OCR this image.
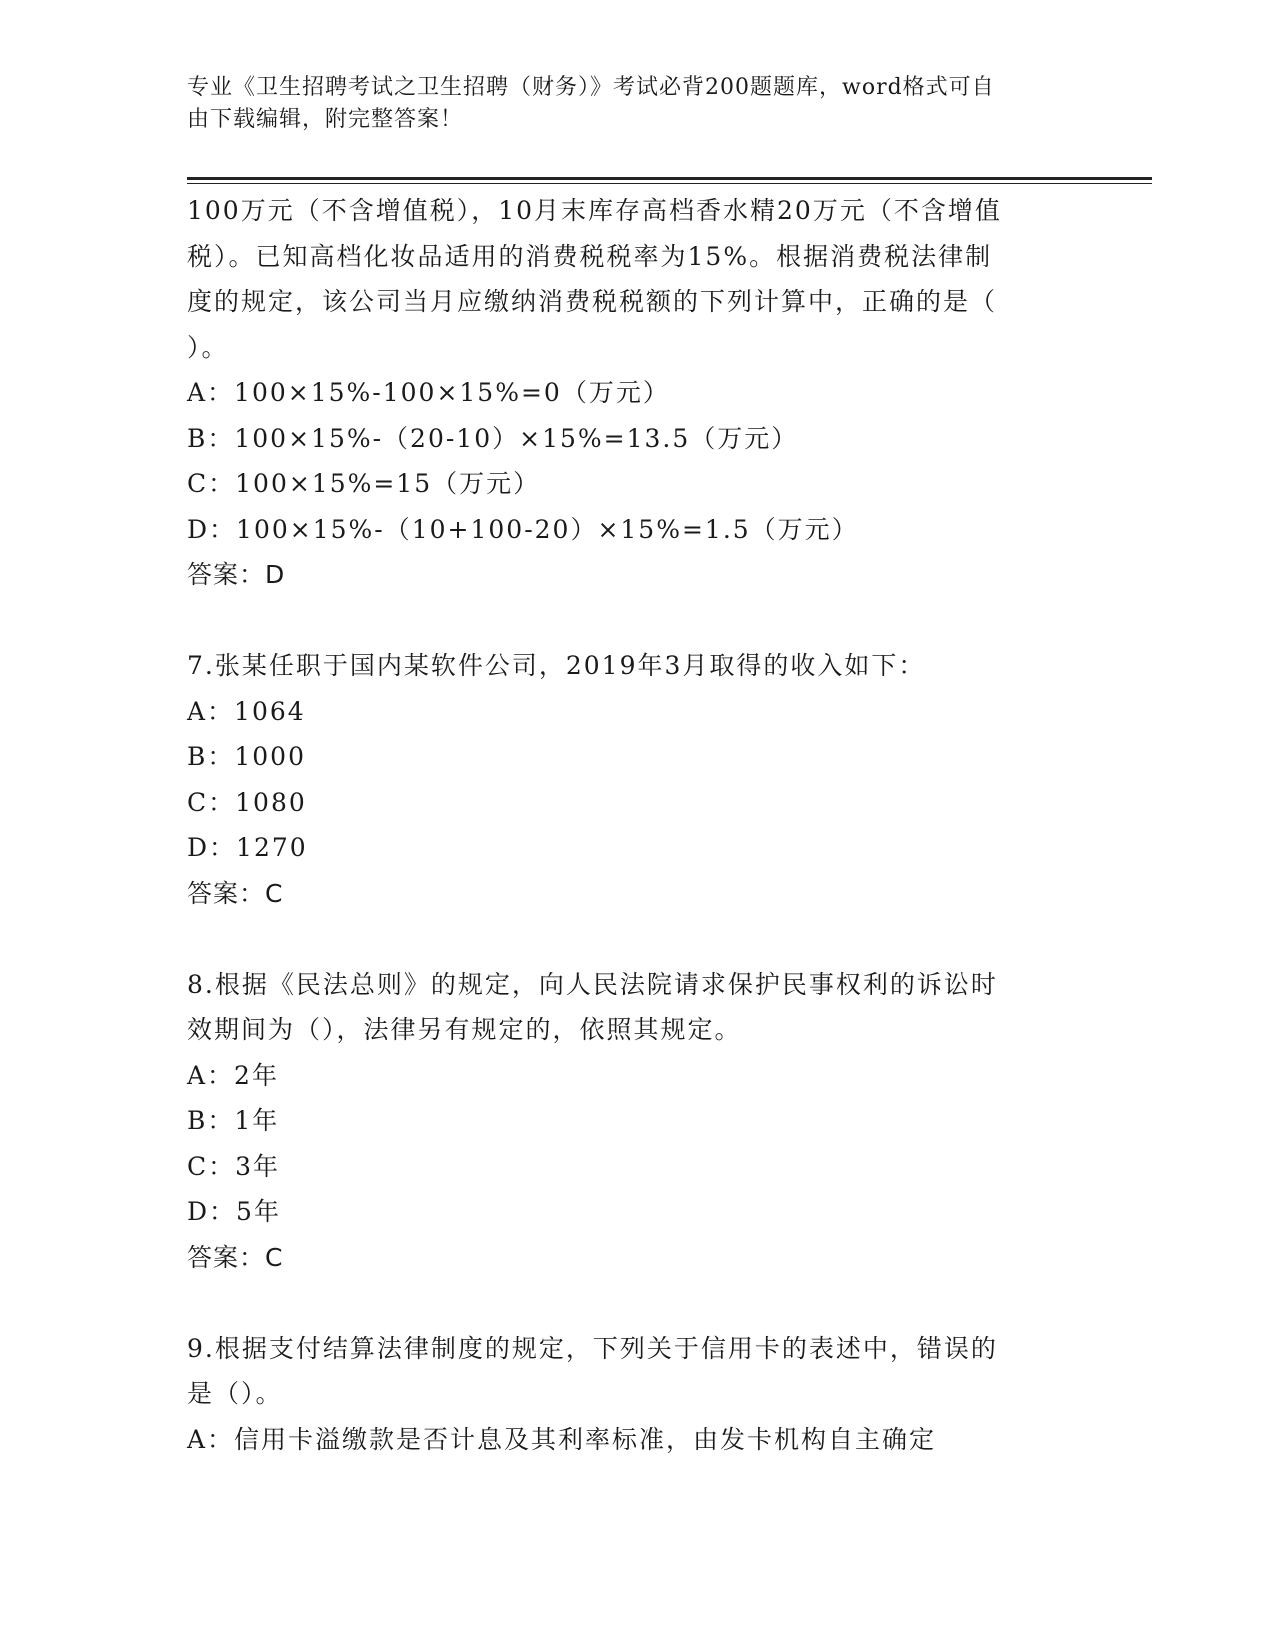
专业《卫生招聘考试之卫生招聘（财务）》考试必背200题题库，word格式可自
由下载编辑，附完整答案！
100万元（不含增值税），10月末库存高档香水精20万元（不含增值
税）。已知高档化妆品适用的消费税税率为15%。根据消费税法律制
度的规定，该公司当月应缴纳消费税税额的下列计算中，正确的是（
）。
A：100×15%-100×15%=0（万元）
B：100×15%-（20-10）×15%=13.5（万元）
C：100×15%=15（万元）
D：100×15%-（10+100-20）×15%=1.5（万元）
答案：D
7.张某任职于国内某软件公司，2019年3月取得的收入如下：
A：1064
B：1000
C：1080
D：1270
答案：C
8.根据《民法总则》的规定，向人民法院请求保护民事权利的诉讼时
效期间为（），法律另有规定的，依照其规定。
A：2年
B：1年
C：3年
D：5年
答案：C
9.根据支付结算法律制度的规定，下列关于信用卡的表述中，错误的
是（）。
A：信用卡溢缴款是否计息及其利率标准，由发卡机构自主确定
